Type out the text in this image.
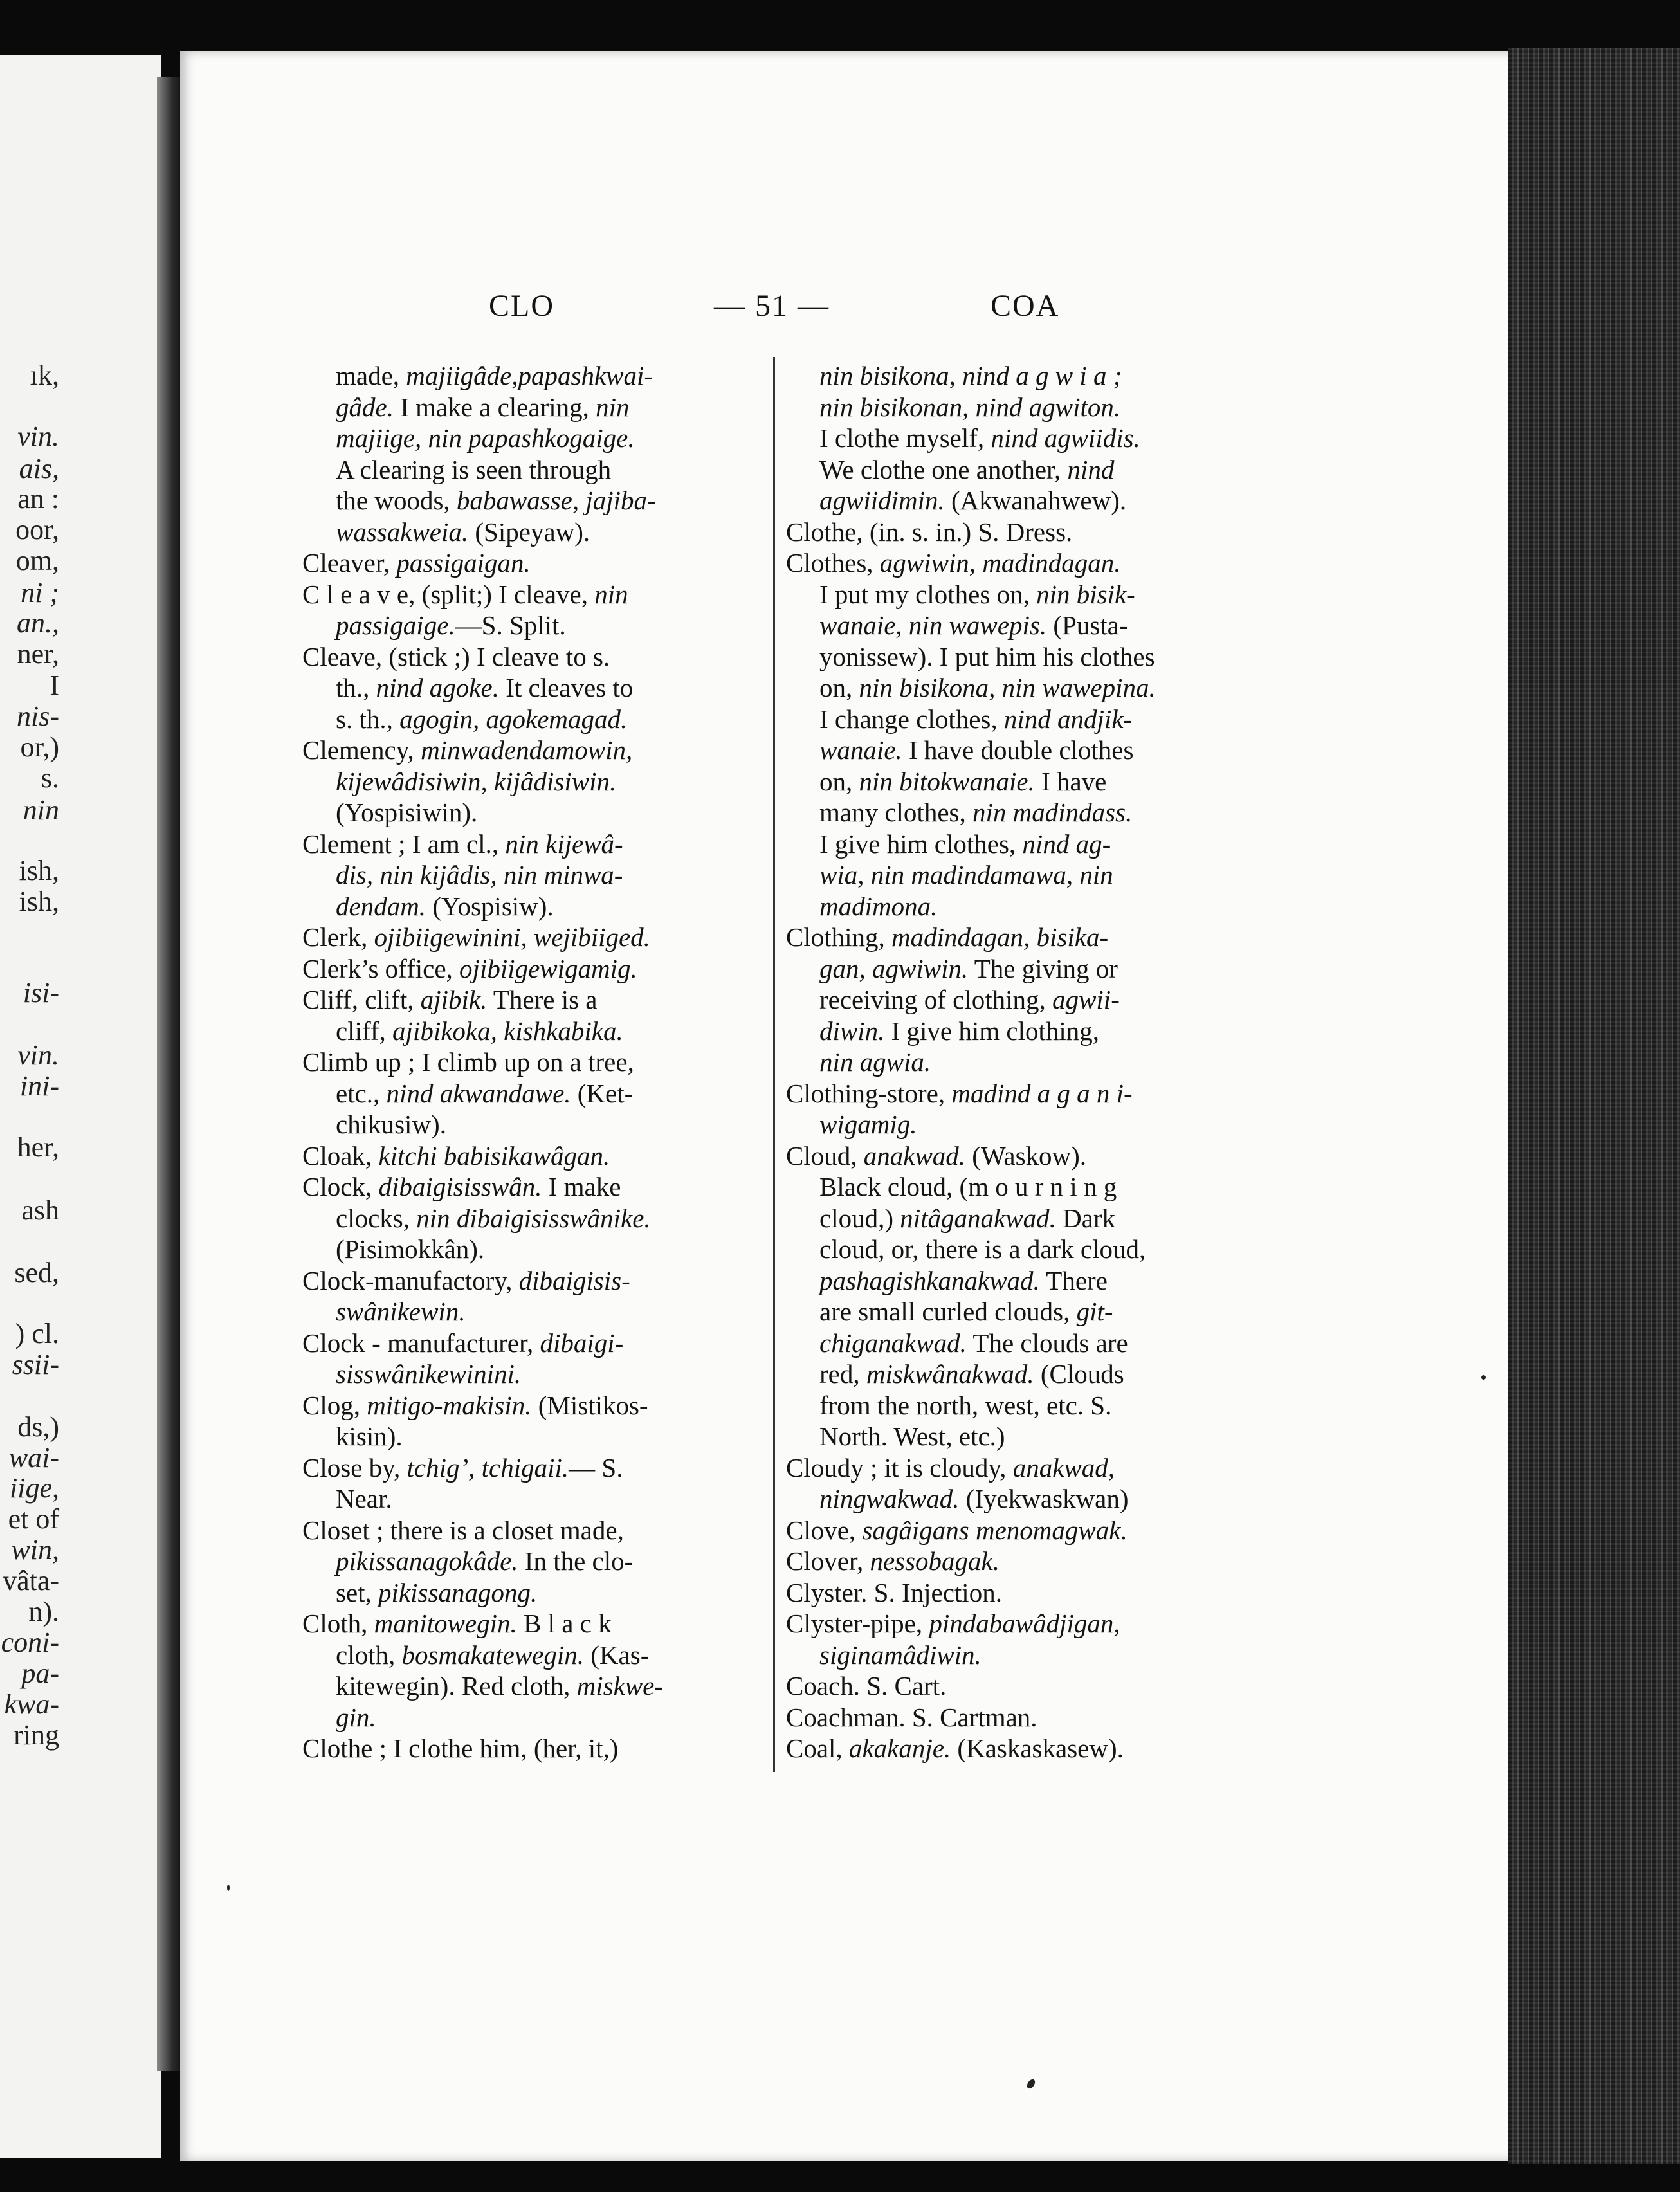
ık,
vin.
ais,
an :
oor,
om,
ni ;
an.,
ner,
I
nis-
or,)
s.
nin
ish,
ish,
isi-
vin.
ini-
her,
ash
sed,
) cl.
ssii-
ds,)
wai-
iige,
et of
win,
vâta-
n).
coni-
pa-
kwa-
ring
CLO	— 51 —	COA
made, majiigâde,papashkwai-
gâde. I make a clearing, nin
majiige, nin papashkogaige.
A clearing is seen through
the woods, babawasse, jajiba-
wassakweia. (Sipeyaw).
Cleaver, passigaigan.
C l e a v e, (split;) I cleave, nin
passigaige.—S. Split.
Cleave, (stick ;) I cleave to s.
th., nind agoke. It cleaves to
s. th., agogin, agokemagad.
Clemency, minwadendamowin,
kijewâdisiwin, kijâdisiwin.
(Yospisiwin).
Clement ; I am cl., nin kijewâ-
dis, nin kijâdis, nin minwa-
dendam. (Yospisiw).
Clerk, ojibiigewinini, wejibiiged.
Clerk’s office, ojibiigewigamig.
Cliff, clift, ajibik. There is a
cliff, ajibikoka, kishkabika.
Climb up ; I climb up on a tree,
etc., nind akwandawe. (Ket-
chikusiw).
Cloak, kitchi babisikawâgan.
Clock, dibaigisisswân. I make
clocks, nin dibaigisisswânike.
(Pisimokkân).
Clock-manufactory, dibaigisis-
swânikewin.
Clock - manufacturer, dibaigi-
sisswânikewinini.
Clog, mitigo-makisin. (Mistikos-
kisin).
Close by, tchig’, tchigaii.— S.
Near.
Closet ; there is a closet made,
pikissanagokâde. In the clo-
set, pikissanagong.
Cloth, manitowegin. B l a c k
cloth, bosmakatewegin. (Kas-
kitewegin). Red cloth, miskwe-
gin.
Clothe ; I clothe him, (her, it,)
nin bisikona, nind a g w i a ;
nin bisikonan, nind agwiton.
I clothe myself, nind agwiidis.
We clothe one another, nind
agwiidimin. (Akwanahwew).
Clothe, (in. s. in.) S. Dress.
Clothes, agwiwin, madindagan.
I put my clothes on, nin bisik-
wanaie, nin wawepis. (Pusta-
yonissew). I put him his clothes
on, nin bisikona, nin wawepina.
I change clothes, nind andjik-
wanaie. I have double clothes
on, nin bitokwanaie. I have
many clothes, nin madindass.
I give him clothes, nind ag-
wia, nin madindamawa, nin
madimona.
Clothing, madindagan, bisika-
gan, agwiwin. The giving or
receiving of clothing, agwii-
diwin. I give him clothing,
nin agwia.
Clothing-store, madind a g a n i-
wigamig.
Cloud, anakwad. (Waskow).
Black cloud, (m o u r n i n g
cloud,) nitâganakwad. Dark
cloud, or, there is a dark cloud,
pashagishkanakwad. There
are small curled clouds, git-
chiganakwad. The clouds are
red, miskwânakwad. (Clouds
from the north, west, etc. S.
North. West, etc.)
Cloudy ; it is cloudy, anakwad,
ningwakwad. (Iyekwaskwan)
Clove, sagâigans menomagwak.
Clover, nessobagak.
Clyster. S. Injection.
Clyster-pipe, pindabawâdjigan,
siginamâdiwin.
Coach. S. Cart.
Coachman. S. Cartman.
Coal, akakanje. (Kaskaskasew).
